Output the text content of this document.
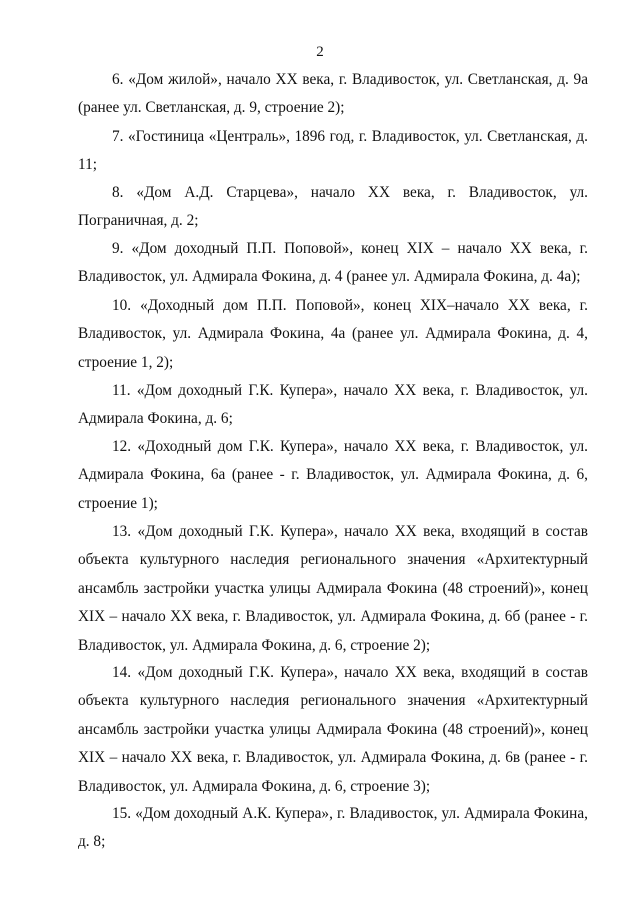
2

6. «Дом жилой», начало XX века, г. Владивосток, ул. Светланская, д. 9а (ранее ул. Светланская, д. 9, строение 2);

7. «Гостиница «Централь», 1896 год, г. Владивосток, ул. Светланская, д. 11;

8. «Дом А.Д. Старцева», начало XX века, г. Владивосток, ул. Пограничная, д. 2;

9. «Дом доходный П.П. Поповой», конец XIX – начало XX века, г. Владивосток, ул. Адмирала Фокина, д. 4 (ранее ул. Адмирала Фокина, д. 4а);

10. «Доходный дом П.П. Поповой», конец XIX–начало XX века, г. Владивосток, ул. Адмирала Фокина, 4а (ранее ул. Адмирала Фокина, д. 4, строение 1, 2);

11. «Дом доходный Г.К. Купера», начало XX века, г. Владивосток, ул. Адмирала Фокина, д. 6;

12. «Доходный дом Г.К. Купера», начало XX века, г. Владивосток, ул. Адмирала Фокина, 6а (ранее - г. Владивосток, ул. Адмирала Фокина, д. 6, строение 1);

13. «Дом доходный Г.К. Купера», начало XX века, входящий в состав объекта культурного наследия регионального значения «Архитектурный ансамбль застройки участка улицы Адмирала Фокина (48 строений)», конец XIX – начало XX века, г. Владивосток, ул. Адмирала Фокина, д. 6б (ранее - г. Владивосток, ул. Адмирала Фокина, д. 6, строение 2);

14. «Дом доходный Г.К. Купера», начало XX века, входящий в состав объекта культурного наследия регионального значения «Архитектурный ансамбль застройки участка улицы Адмирала Фокина (48 строений)», конец XIX – начало XX века, г. Владивосток, ул. Адмирала Фокина, д. 6в (ранее - г. Владивосток, ул. Адмирала Фокина, д. 6, строение 3);

15. «Дом доходный А.К. Купера», г. Владивосток, ул. Адмирала Фокина, д. 8;
